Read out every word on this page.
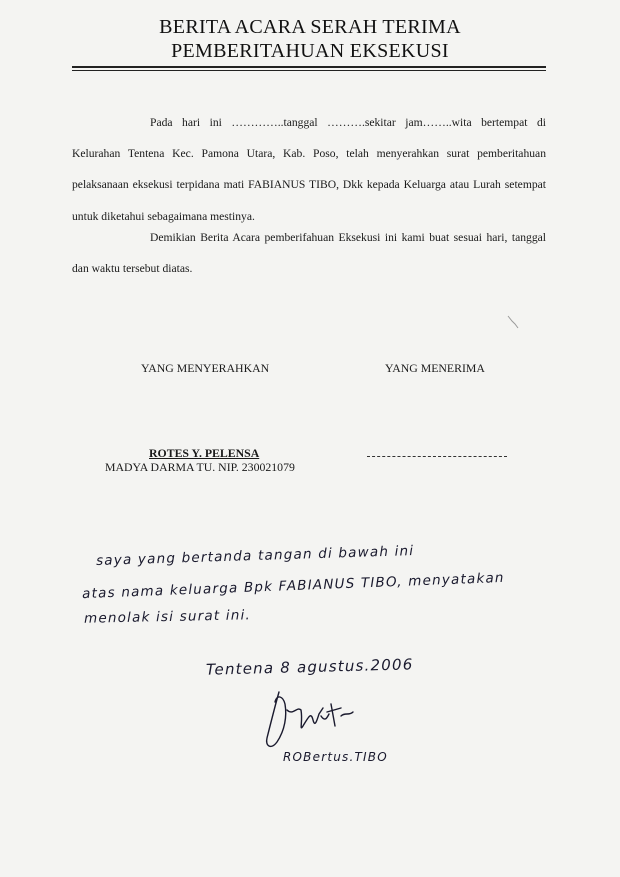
BERITA ACARA SERAH TERIMA
PEMBERITAHUAN EKSEKUSI

Pada hari ini …………..tanggal ……….sekitar jam……..wita bertempat di Kelurahan Tentena Kec. Pamona Utara, Kab. Poso, telah menyerahkan surat pemberitahuan pelaksanaan eksekusi terpidana mati FABIANUS TIBO, Dkk kepada Keluarga atau Lurah setempat untuk diketahui sebagaimana mestinya.

Demikian Berita Acara pemberifahuan Eksekusi ini kami buat sesuai hari, tanggal dan waktu tersebut diatas.

YANG MENYERAHKAN	YANG MENERIMA
ROTES Y. PELENSA
MADYA DARMA TU. NIP. 230021079
saya yang bertanda tangan di bawah ini
atas nama keluarga Bpk FABIANUS TIBO, menyatakan
menolak isi surat ini.
Tentena 8 agustus.2006
ROBertus.TIBO
